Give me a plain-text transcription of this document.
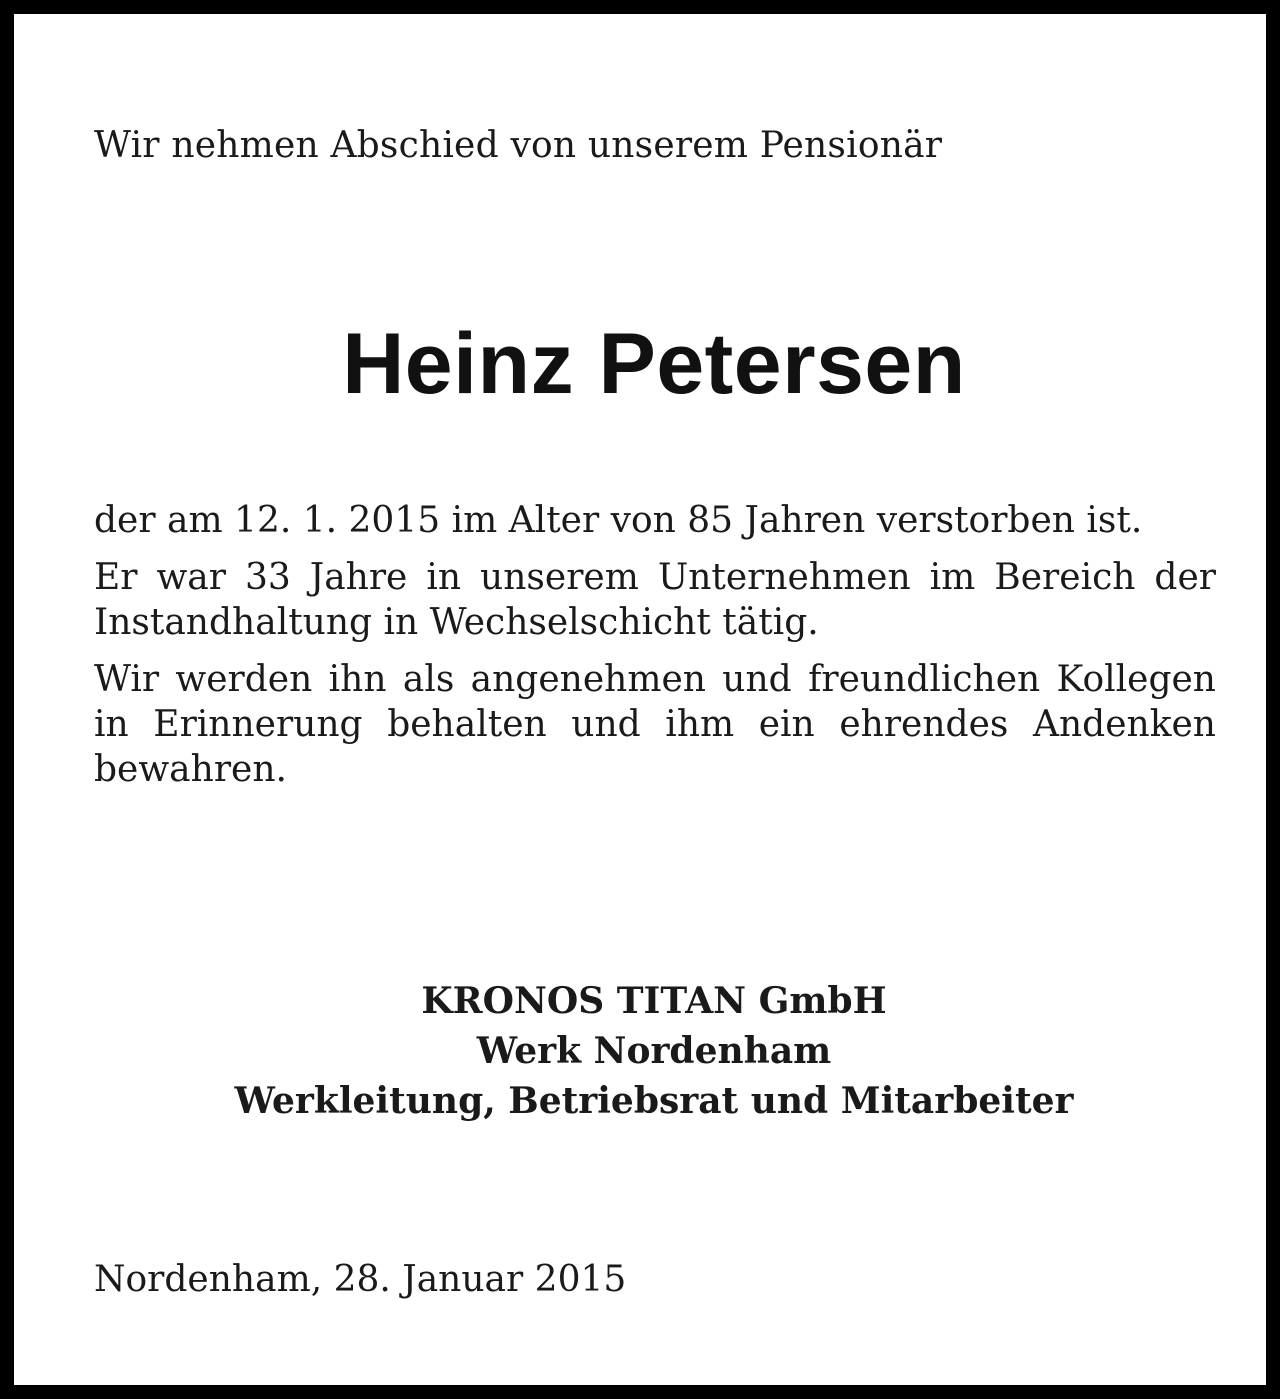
Wir nehmen Abschied von unserem Pensionär
Heinz Petersen

der am 12. 1. 2015 im Alter von 85 Jahren verstorben ist.

Er war 33 Jahre in unserem Unternehmen im Bereich der Instandhaltung in Wechselschicht tätig.

Wir werden ihn als angenehmen und freundlichen Kollegen in Erinnerung behalten und ihm ein ehrendes Andenken bewahren.

KRONOS TITAN GmbH
Werk Nordenham
Werkleitung, Betriebsrat und Mitarbeiter
Nordenham, 28. Januar 2015
